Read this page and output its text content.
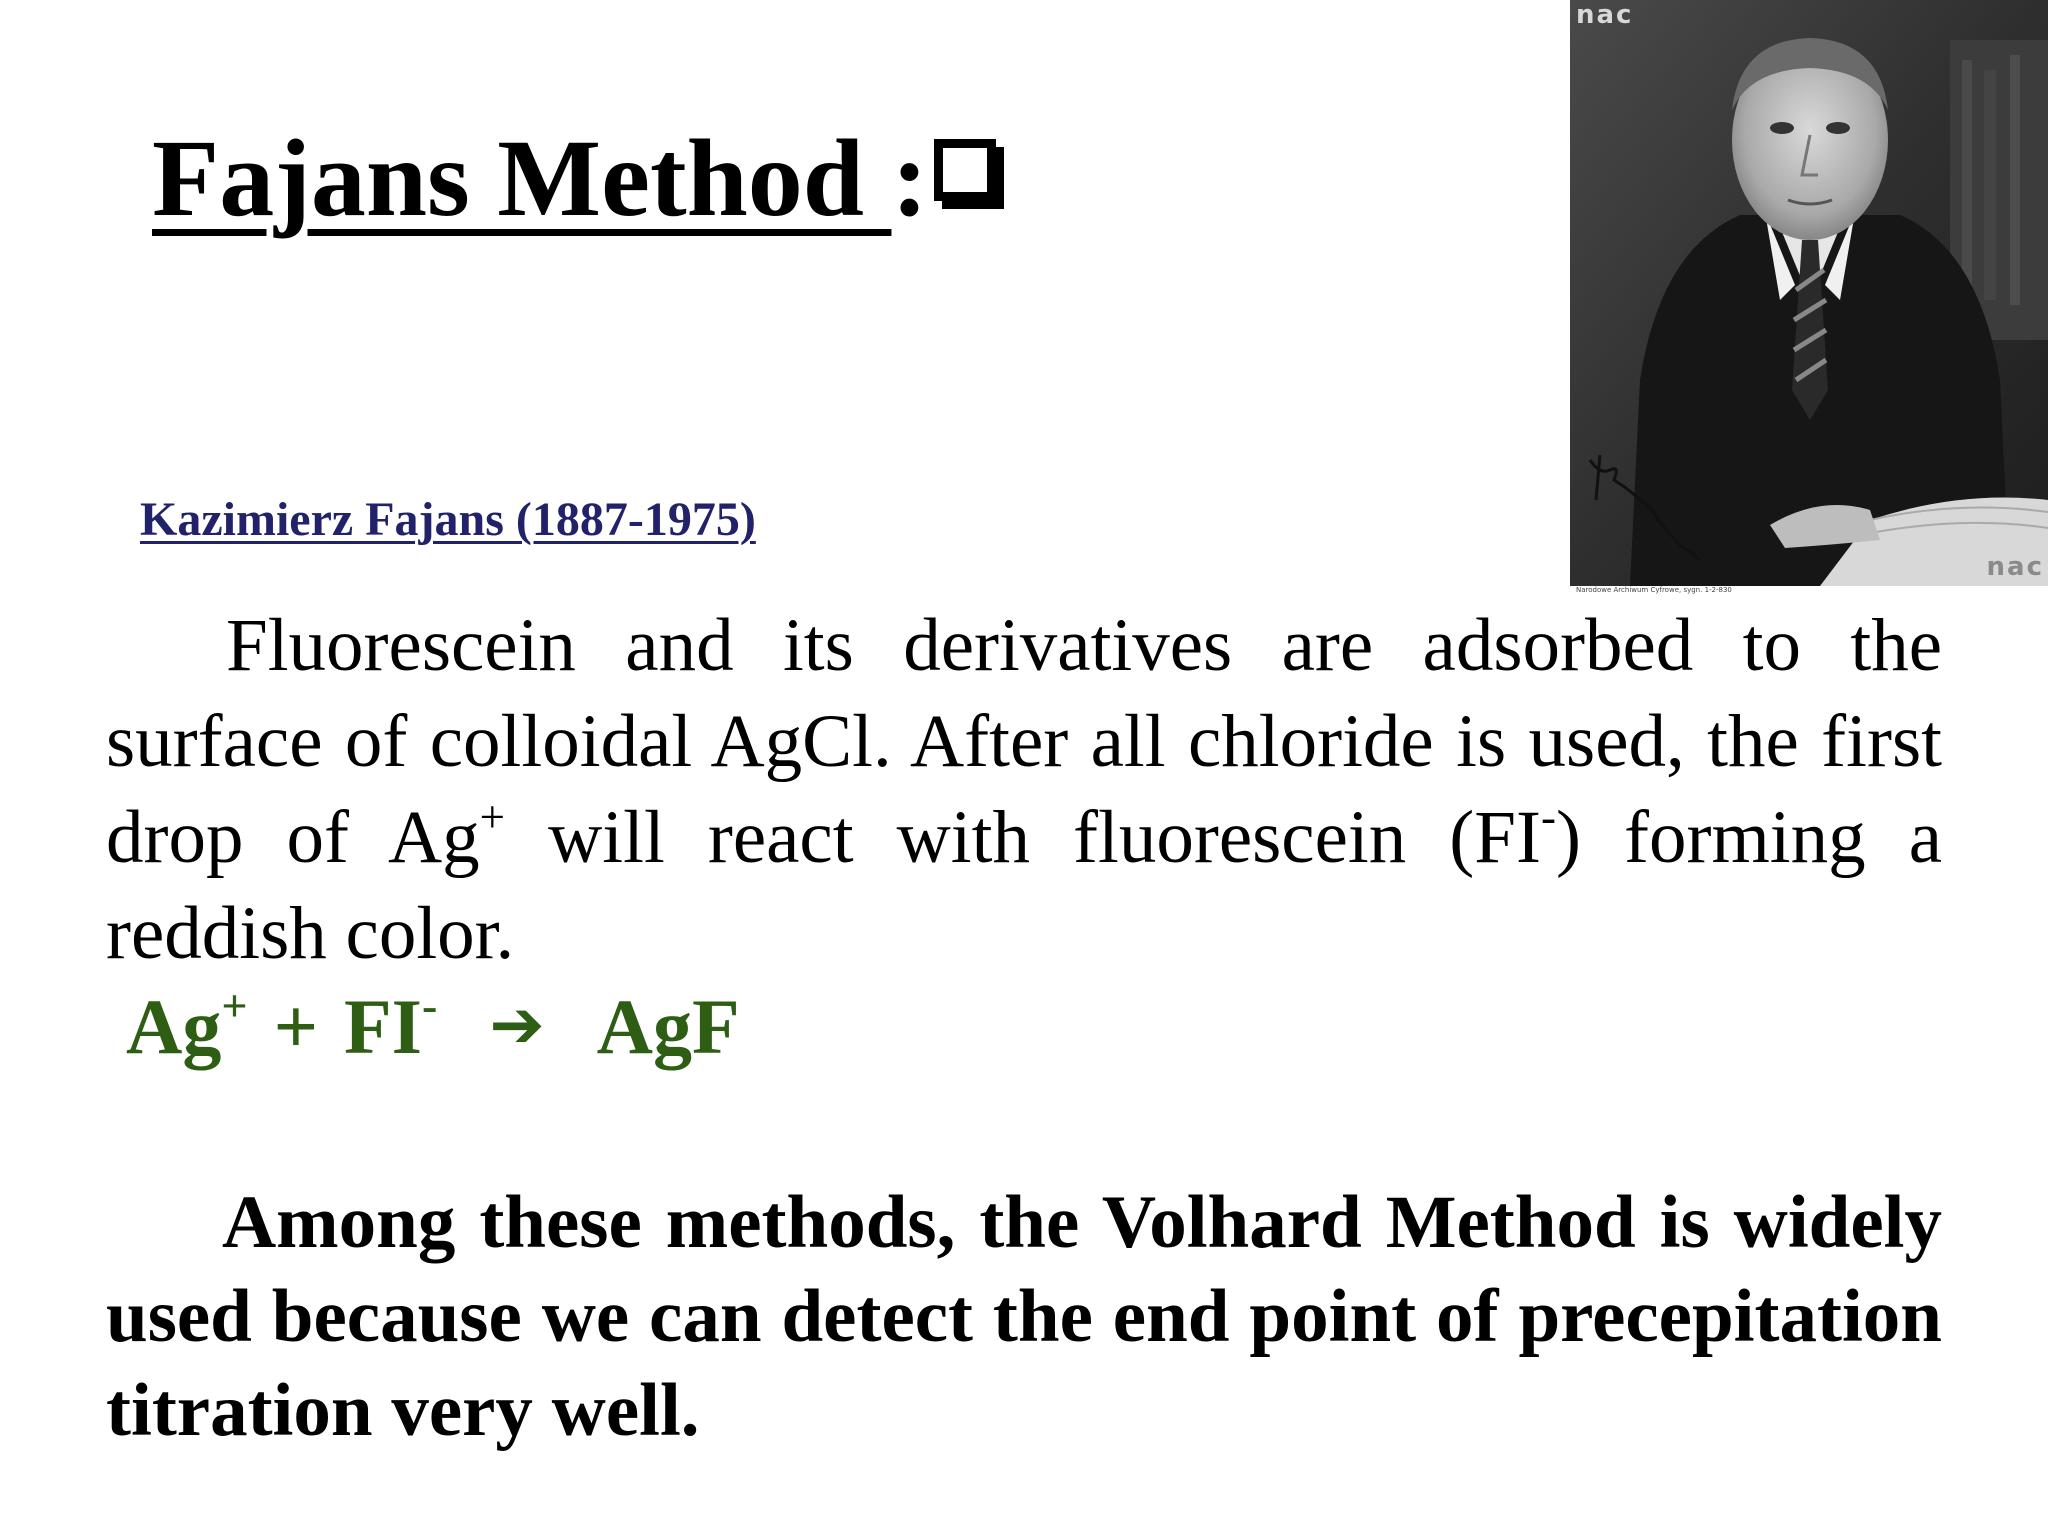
Fajans Method :
Kazimierz Fajans (1887-1975)
nac
nac
Narodowe Archiwum Cyfrowe, sygn. 1-2-830
Fluorescein and its derivatives are adsorbed to the surface of colloidal AgCl. After all chloride is used, the first drop of Ag+ will react with fluorescein (FI-) forming a reddish color.
Ag+ + FI- ➔ AgF
Among these methods, the Volhard Method is widely used because we can detect the end point of precepitation titration very well.
